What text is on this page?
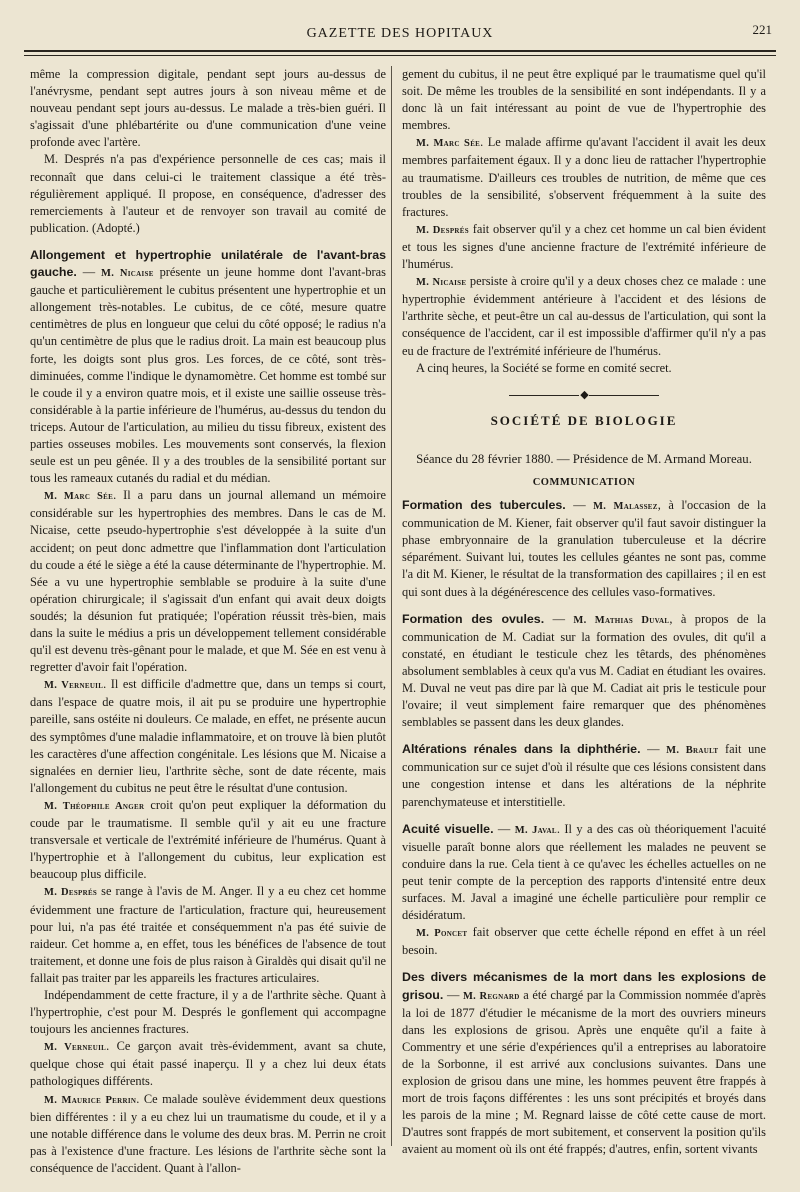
GAZETTE DES HOPITAUX	221

même la compression digitale, pendant sept jours au-dessus de l'anévrysme, pendant sept autres jours à son niveau même et de nouveau pendant sept jours au-dessus. Le malade a très-bien guéri. Il s'agissait d'une phlébartérite ou d'une communication d'une veine profonde avec l'artère.

M. Després n'a pas d'expérience personnelle de ces cas; mais il reconnaît que dans celui-ci le traitement classique a été très-régulièrement appliqué. Il propose, en conséquence, d'adresser des remerciements à l'auteur et de renvoyer son travail au comité de publication. (Adopté.)

Allongement et hypertrophie unilatérale de l'avant-bras gauche. — M. Nicaise présente un jeune homme dont l'avant-bras gauche et particulièrement le cubitus présentent une hypertrophie et un allongement très-notables. Le cubitus, de ce côté, mesure quatre centimètres de plus en longueur que celui du côté opposé; le radius n'a qu'un centimètre de plus que le radius droit. La main est beaucoup plus forte, les doigts sont plus gros. Les forces, de ce côté, sont très-diminuées, comme l'indique le dynamomètre. Cet homme est tombé sur le coude il y a environ quatre mois, et il existe une saillie osseuse très-considérable à la partie inférieure de l'humérus, au-dessus du tendon du triceps. Autour de l'articulation, au milieu du tissu fibreux, existent des parties osseuses mobiles. Les mouvements sont conservés, la flexion seule est un peu gênée. Il y a des troubles de la sensibilité portant sur tous les rameaux cutanés du radial et du médian.

M. Marc Sée. Il a paru dans un journal allemand un mémoire considérable sur les hypertrophies des membres. Dans le cas de M. Nicaise, cette pseudo-hypertrophie s'est développée à la suite d'un accident; on peut donc admettre que l'inflammation dont l'articulation du coude a été le siège a été la cause déterminante de l'hypertrophie. M. Sée a vu une hypertrophie semblable se produire à la suite d'une opération chirurgicale; il s'agissait d'un enfant qui avait deux doigts soudés; la désunion fut pratiquée; l'opération réussit très-bien, mais dans la suite le médius a pris un développement tellement considérable qu'il est devenu très-gênant pour le malade, et que M. Sée en est venu à regretter d'avoir fait l'opération.

M. Verneuil. Il est difficile d'admettre que, dans un temps si court, dans l'espace de quatre mois, il ait pu se produire une hypertrophie pareille, sans ostéite ni douleurs. Ce malade, en effet, ne présente aucun des symptômes d'une maladie inflammatoire, et on trouve là bien plutôt les caractères d'une affection congénitale. Les lésions que M. Nicaise a signalées en dernier lieu, l'arthrite sèche, sont de date récente, mais l'allongement du cubitus ne peut être le résultat d'une contusion.

M. Théophile Anger croit qu'on peut expliquer la déformation du coude par le traumatisme. Il semble qu'il y ait eu une fracture transversale et verticale de l'extrémité inférieure de l'humérus. Quant à l'hypertrophie et à l'allongement du cubitus, leur explication est beaucoup plus difficile.

M. Després se range à l'avis de M. Anger. Il y a eu chez cet homme évidemment une fracture de l'articulation, fracture qui, heureusement pour lui, n'a pas été traitée et conséquemment n'a pas été suivie de raideur. Cet homme a, en effet, tous les bénéfices de l'absence de tout traitement, et donne une fois de plus raison à Giraldès qui disait qu'il ne fallait pas traiter par les appareils les fractures articulaires.

Indépendamment de cette fracture, il y a de l'arthrite sèche. Quant à l'hypertrophie, c'est pour M. Després le gonflement qui accompagne toujours les anciennes fractures.

M. Verneuil. Ce garçon avait très-évidemment, avant sa chute, quelque chose qui était passé inaperçu. Il y a chez lui deux états pathologiques différents.

M. Maurice Perrin. Ce malade soulève évidemment deux questions bien différentes : il y a eu chez lui un traumatisme du coude, et il y a une notable différence dans le volume des deux bras. M. Perrin ne croit pas à l'existence d'une fracture. Les lésions de l'arthrite sèche sont la conséquence de l'accident. Quant à l'allon-

gement du cubitus, il ne peut être expliqué par le traumatisme quel qu'il soit. De même les troubles de la sensibilité en sont indépendants. Il y a donc là un fait intéressant au point de vue de l'hypertrophie des membres.

M. Marc Sée. Le malade affirme qu'avant l'accident il avait les deux membres parfaitement égaux. Il y a donc lieu de rattacher l'hypertrophie au traumatisme. D'ailleurs ces troubles de nutrition, de même que ces troubles de la sensibilité, s'observent fréquemment à la suite des fractures.

M. Després fait observer qu'il y a chez cet homme un cal bien évident et tous les signes d'une ancienne fracture de l'extrémité inférieure de l'humérus.

M. Nicaise persiste à croire qu'il y a deux choses chez ce malade : une hypertrophie évidemment antérieure à l'accident et des lésions de l'arthrite sèche, et peut-être un cal au-dessus de l'articulation, qui sont la conséquence de l'accident, car il est impossible d'affirmer qu'il n'y a pas eu de fracture de l'extrémité inférieure de l'humérus.

A cinq heures, la Société se forme en comité secret.

◆
SOCIÉTÉ DE BIOLOGIE
Séance du 28 février 1880. — Présidence de M. Armand Moreau.
COMMUNICATION

Formation des tubercules. — M. Malassez, à l'occasion de la communication de M. Kiener, fait observer qu'il faut savoir distinguer la phase embryonnaire de la granulation tuberculeuse et la décrire séparément. Suivant lui, toutes les cellules géantes ne sont pas, comme l'a dit M. Kiener, le résultat de la transformation des capillaires ; il en est qui sont dues à la dégénérescence des cellules vaso-formatives.

Formation des ovules. — M. Mathias Duval, à propos de la communication de M. Cadiat sur la formation des ovules, dit qu'il a constaté, en étudiant le testicule chez les têtards, des phénomènes absolument semblables à ceux qu'a vus M. Cadiat en étudiant les ovaires. M. Duval ne veut pas dire par là que M. Cadiat ait pris le testicule pour l'ovaire; il veut simplement faire remarquer que des phénomènes semblables se passent dans les deux glandes.

Altérations rénales dans la diphthérie. — M. Brault fait une communication sur ce sujet d'où il résulte que ces lésions consistent dans une congestion intense et dans les altérations de la néphrite parenchymateuse et interstitielle.

Acuité visuelle. — M. Javal. Il y a des cas où théoriquement l'acuité visuelle paraît bonne alors que réellement les malades ne peuvent se conduire dans la rue. Cela tient à ce qu'avec les échelles actuelles on ne peut tenir compte de la perception des rapports d'intensité entre deux surfaces. M. Javal a imaginé une échelle particulière pour remplir ce désidératum.

M. Poncet fait observer que cette échelle répond en effet à un réel besoin.

Des divers mécanismes de la mort dans les explosions de grisou. — M. Regnard a été chargé par la Commission nommée d'après la loi de 1877 d'étudier le mécanisme de la mort des ouvriers mineurs dans les explosions de grisou. Après une enquête qu'il a faite à Commentry et une série d'expériences qu'il a entreprises au laboratoire de la Sorbonne, il est arrivé aux conclusions suivantes. Dans une explosion de grisou dans une mine, les hommes peuvent être frappés à mort de trois façons différentes : les uns sont précipités et broyés dans les parois de la mine ; M. Regnard laisse de côté cette cause de mort. D'autres sont frappés de mort subitement, et conservent la position qu'ils avaient au moment où ils ont été frappés; d'autres, enfin, sortent vivants
